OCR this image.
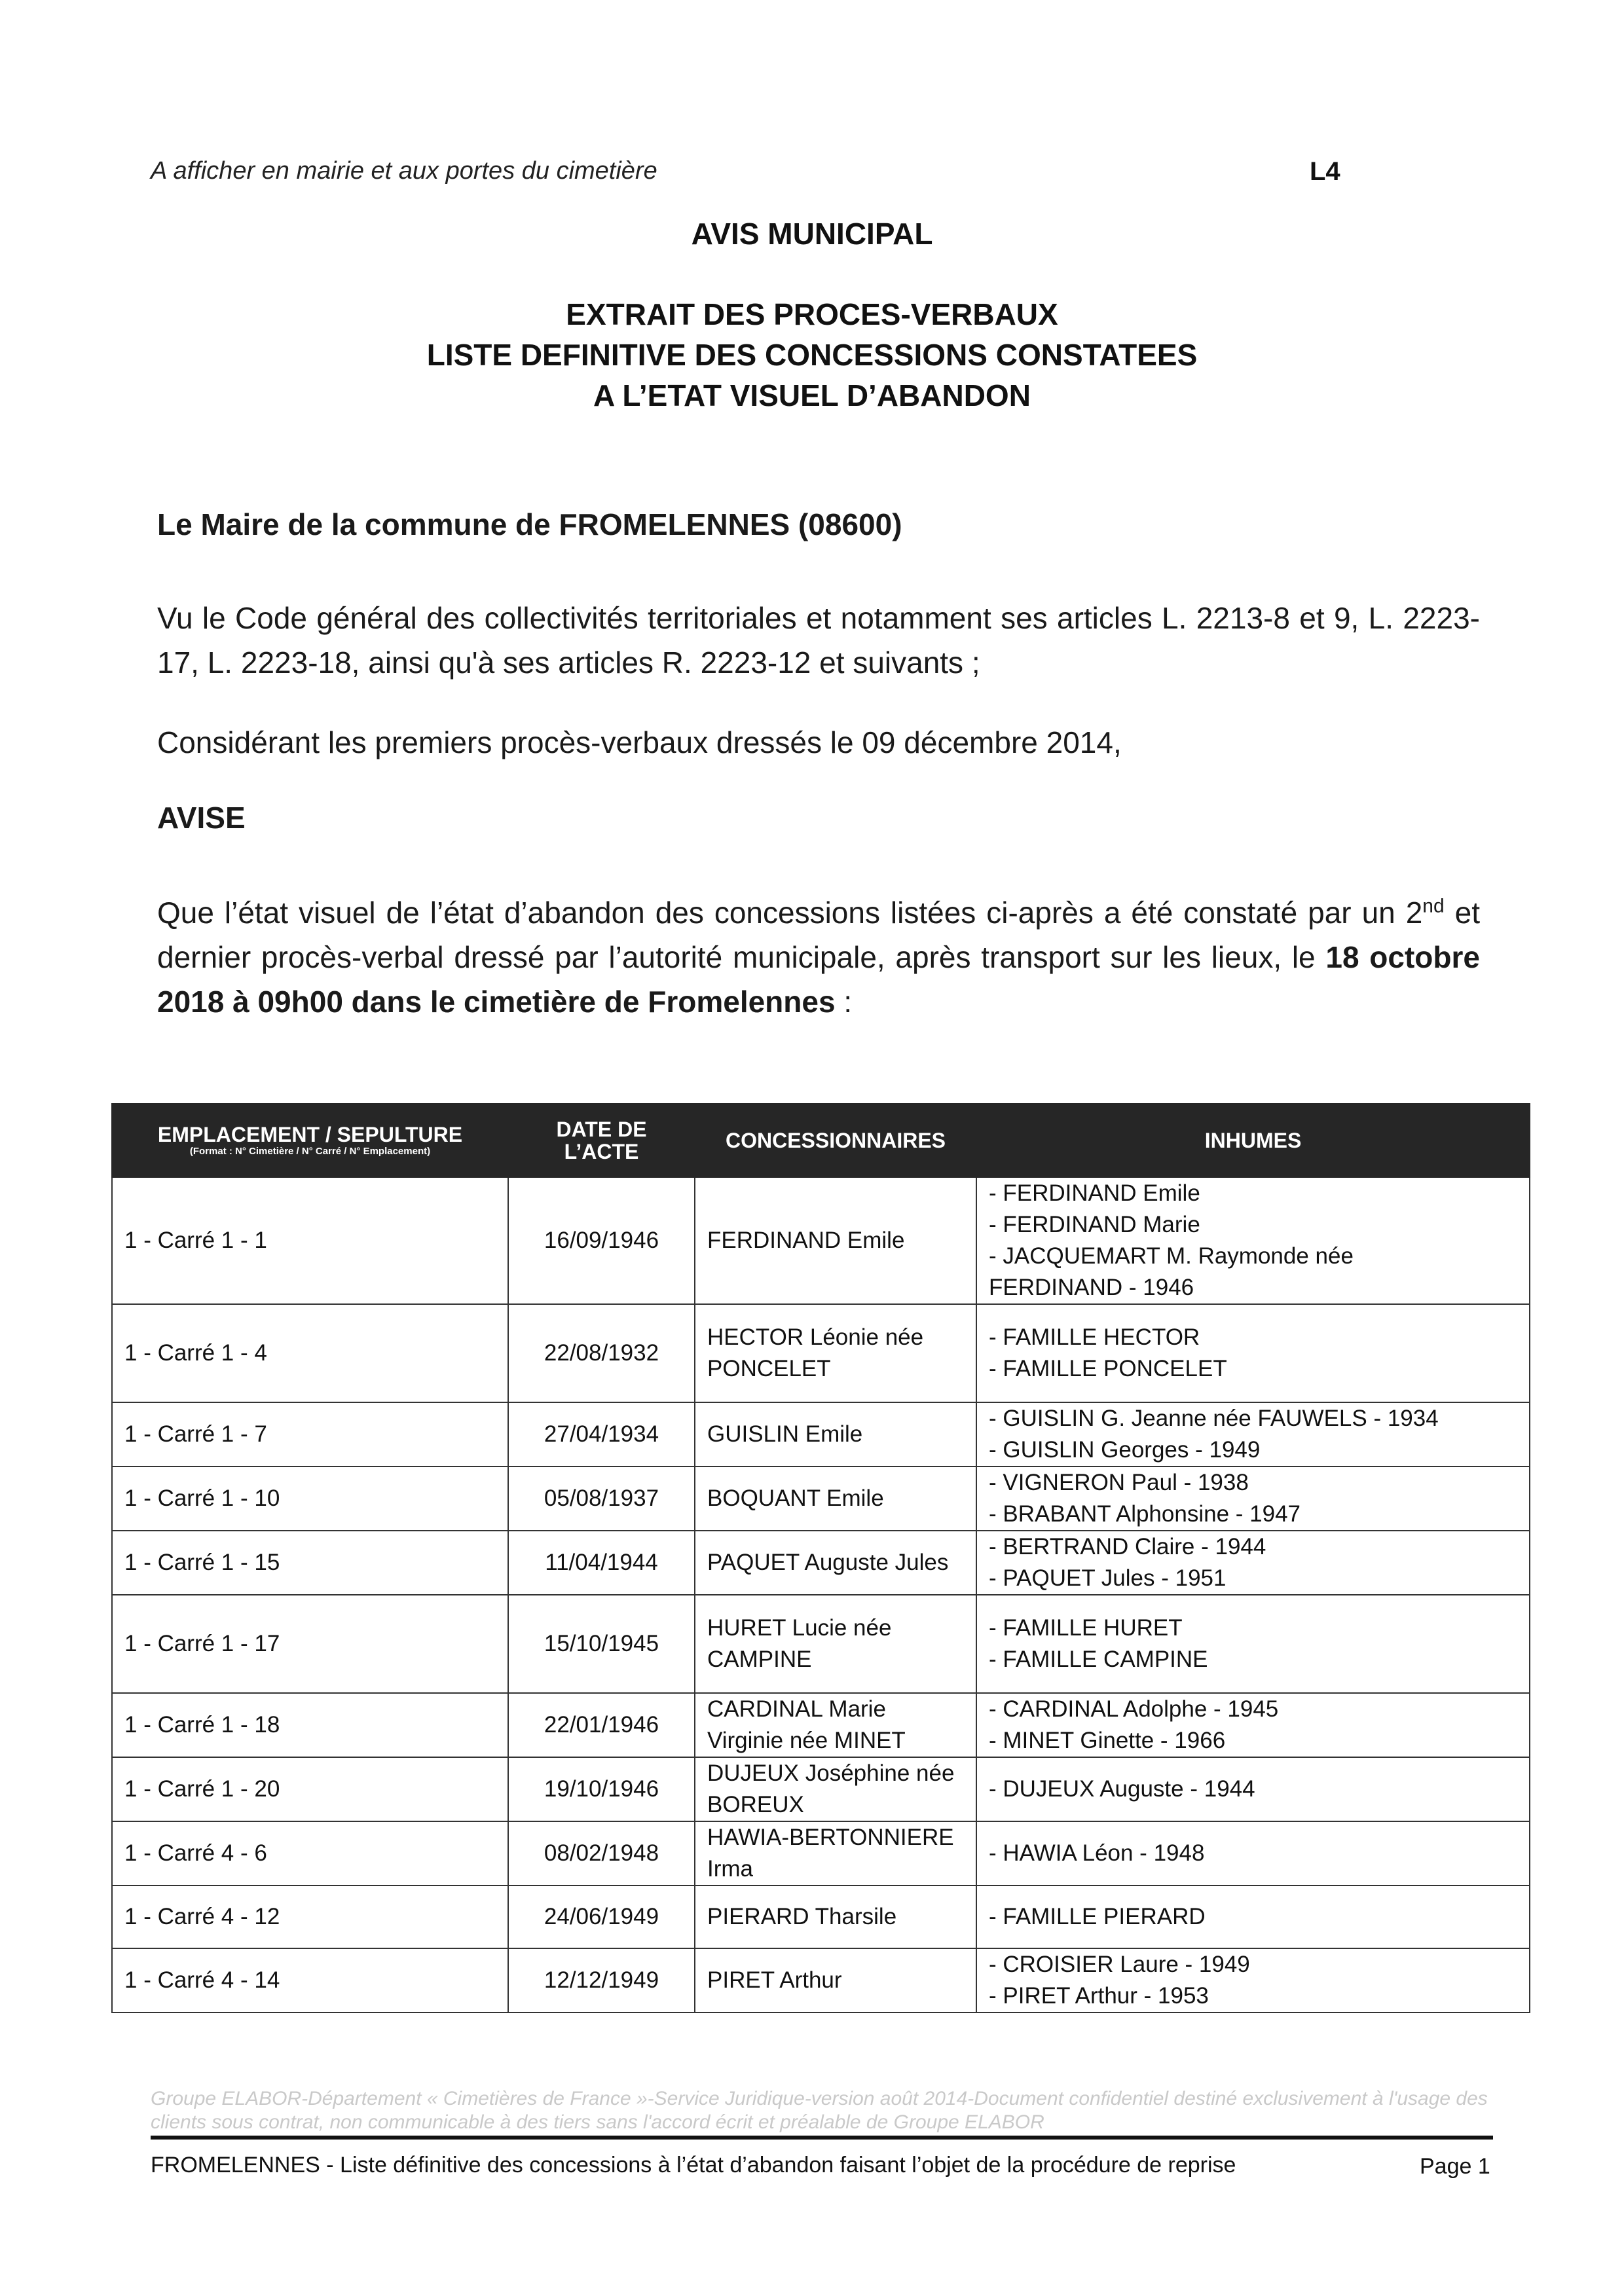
A afficher en mairie et aux portes du cimetière	L4
AVIS MUNICIPAL
EXTRAIT DES PROCES-VERBAUX
LISTE DEFINITIVE DES CONCESSIONS CONSTATEES
A L’ETAT VISUEL D’ABANDON
Le Maire de la commune de FROMELENNES (08600)
Vu le Code général des collectivités territoriales et notamment ses articles L. 2213-8 et 9, L. 2223-17, L. 2223-18, ainsi qu'à ses articles R. 2223-12 et suivants ;
Considérant les premiers procès-verbaux dressés le 09 décembre 2014,
AVISE
Que l’état visuel de l’état d’abandon des concessions listées ci-après a été constaté par un 2nd et dernier procès-verbal dressé par l’autorité municipale, après transport sur les lieux, le 18 octobre 2018 à 09h00 dans le cimetière de Fromelennes :
EMPLACEMENT / SEPULTURE
(Format : N° Cimetière / N° Carré / N° Emplacement)	DATE DE L’ACTE	CONCESSIONNAIRES	INHUMES
1 - Carré 1 - 1	16/09/1946	FERDINAND Emile	- FERDINAND Emile
- FERDINAND Marie
- JACQUEMART M. Raymonde née
FERDINAND - 1946

1 - Carré 1 - 4	22/08/1932	HECTOR Léonie née PONCELET	- FAMILLE HECTOR
- FAMILLE PONCELET

1 - Carré 1 - 7	27/04/1934	GUISLIN Emile	- GUISLIN G. Jeanne née FAUWELS - 1934
- GUISLIN Georges - 1949

1 - Carré 1 - 10	05/08/1937	BOQUANT Emile	- VIGNERON Paul - 1938
- BRABANT Alphonsine - 1947

1 - Carré 1 - 15	11/04/1944	PAQUET Auguste Jules	- BERTRAND Claire - 1944
- PAQUET Jules - 1951

1 - Carré 1 - 17	15/10/1945	HURET Lucie née CAMPINE	- FAMILLE HURET
- FAMILLE CAMPINE

1 - Carré 1 - 18	22/01/1946	CARDINAL Marie Virginie née MINET	- CARDINAL Adolphe - 1945
- MINET Ginette - 1966

1 - Carré 1 - 20	19/10/1946	DUJEUX Joséphine née BOREUX	- DUJEUX Auguste - 1944

1 - Carré 4 - 6	08/02/1948	HAWIA-BERTONNIERE Irma	- HAWIA Léon - 1948

1 - Carré 4 - 12	24/06/1949	PIERARD Tharsile	- FAMILLE PIERARD

1 - Carré 4 - 14	12/12/1949	PIRET Arthur	- CROISIER Laure - 1949
- PIRET Arthur - 1953
Groupe ELABOR-Département « Cimetières de France »-Service Juridique-version août 2014-Document confidentiel destiné exclusivement à l'usage des clients sous contrat, non communicable à des tiers sans l'accord écrit et préalable de Groupe ELABOR
FROMELENNES - Liste définitive des concessions à l’état d’abandon faisant l’objet de la procédure de reprise	Page 1
